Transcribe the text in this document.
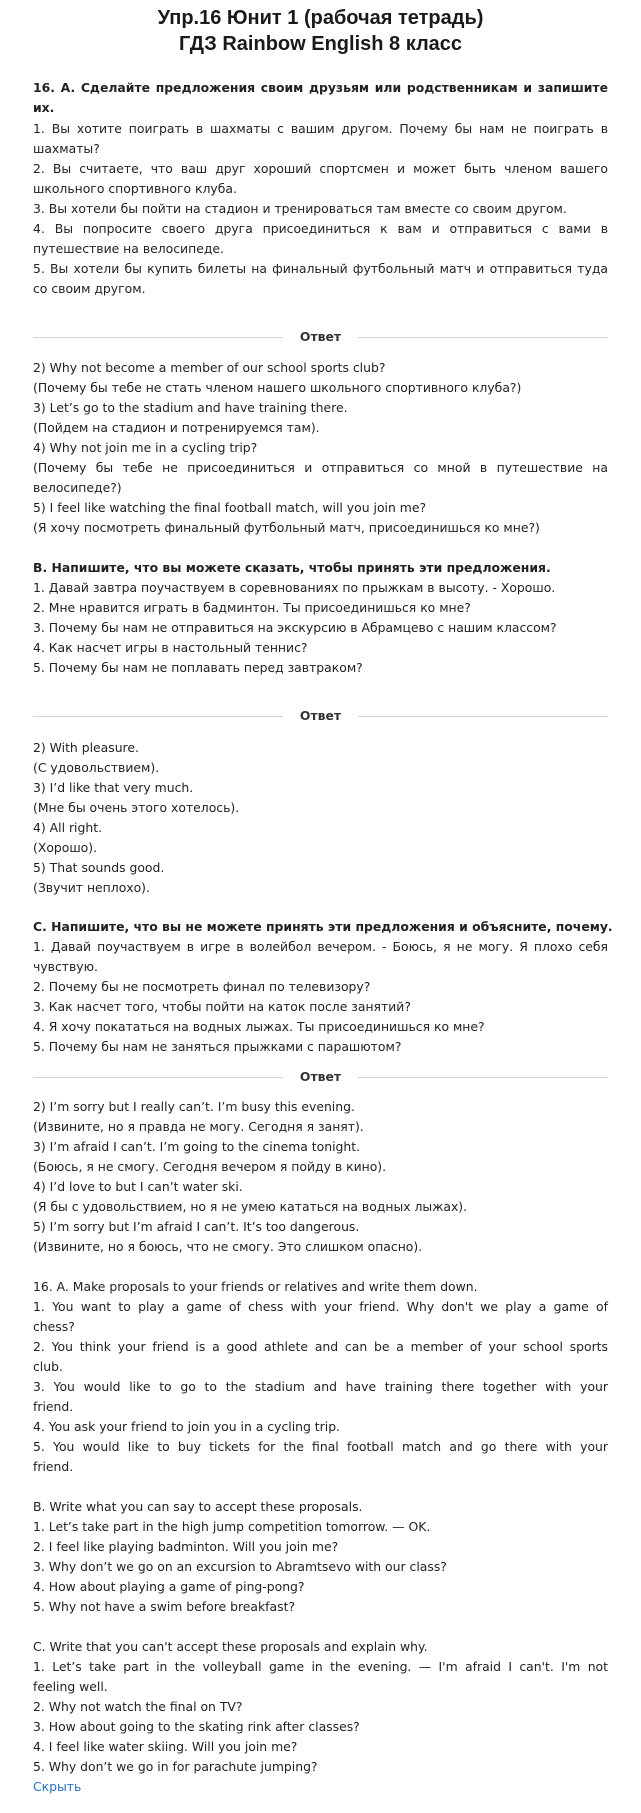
Упр.16 Юнит 1 (рабочая тетрадь)
ГДЗ Rainbow English 8 класс
16. A. Сделайте предложения своим друзьям или родственникам и запишите
их.
1. Вы хотите поиграть в шахматы с вашим другом. Почему бы нам не поиграть в
шахматы?
2. Вы считаете, что ваш друг хороший спортсмен и может быть членом вашего
школьного спортивного клуба.
3. Вы хотели бы пойти на стадион и тренироваться там вместе со своим другом.
4. Вы попросите своего друга присоединиться к вам и отправиться с вами в
путешествие на велосипеде.
5. Вы хотели бы купить билеты на финальный футбольный матч и отправиться туда
со своим другом.
Ответ
2) Why not become a member of our school sports club?
(Почему бы тебе не стать членом нашего школьного спортивного клуба?)
3) Let’s go to the stadium and have training there.
(Пойдем на стадион и потренируемся там).
4) Why not join me in a cycling trip?
(Почему бы тебе не присоединиться и отправиться со мной в путешествие на
велосипеде?)
5) I feel like watching the final football match, will you join me?
(Я хочу посмотреть финальный футбольный матч, присоединишься ко мне?)
B. Напишите, что вы можете сказать, чтобы принять эти предложения.
1. Давай завтра поучаствуем в соревнованиях по прыжкам в высоту. - Хорошо.
2. Мне нравится играть в бадминтон. Ты присоединишься ко мне?
3. Почему бы нам не отправиться на экскурсию в Абрамцево с нашим классом?
4. Как насчет игры в настольный теннис?
5. Почему бы нам не поплавать перед завтраком?
Ответ
2) With pleasure.
(С удовольствием).
3) I’d like that very much.
(Мне бы очень этого хотелось).
4) All right.
(Хорошо).
5) That sounds good.
(Звучит неплохо).
C. Напишите, что вы не можете принять эти предложения и объясните, почему.
1. Давай поучаствуем в игре в волейбол вечером. - Боюсь, я не могу. Я плохо себя
чувствую.
2. Почему бы не посмотреть финал по телевизору?
3. Как насчет того, чтобы пойти на каток после занятий?
4. Я хочу покататься на водных лыжах. Ты присоединишься ко мне?
5. Почему бы нам не заняться прыжками с парашютом?
Ответ
2) I’m sorry but I really can’t. I’m busy this evening.
(Извините, но я правда не могу. Сегодня я занят).
3) I’m afraid I can’t. I’m going to the cinema tonight.
(Боюсь, я не смогу. Сегодня вечером я пойду в кино).
4) I’d love to but I can’t water ski.
(Я бы с удовольствием, но я не умею кататься на водных лыжах).
5) I’m sorry but I’m afraid I can’t. It’s too dangerous.
(Извините, но я боюсь, что не смогу. Это слишком опасно).
16. A. Make proposals to your friends or relatives and write them down.
1. You want to play a game of chess with your friend. Why don't we play a game of
chess?
2. You think your friend is a good athlete and can be a member of your school sports
club.
3. You would like to go to the stadium and have training there together with your
friend.
4. You ask your friend to join you in a cycling trip.
5. You would like to buy tickets for the final football match and go there with your
friend.
B. Write what you can say to accept these proposals.
1. Let’s take part in the high jump competition tomorrow. — OK.
2. I feel like playing badminton. Will you join me?
3. Why don’t we go on an excursion to Abramtsevo with our class?
4. How about playing a game of ping-pong?
5. Why not have a swim before breakfast?
C. Write that you can't accept these proposals and explain why.
1. Let’s take part in the volleyball game in the evening. — I'm afraid I can't. I'm not
feeling well.
2. Why not watch the final on TV?
3. How about going to the skating rink after classes?
4. I feel like water skiing. Will you join me?
5. Why don’t we go in for parachute jumping?
Скрыть
